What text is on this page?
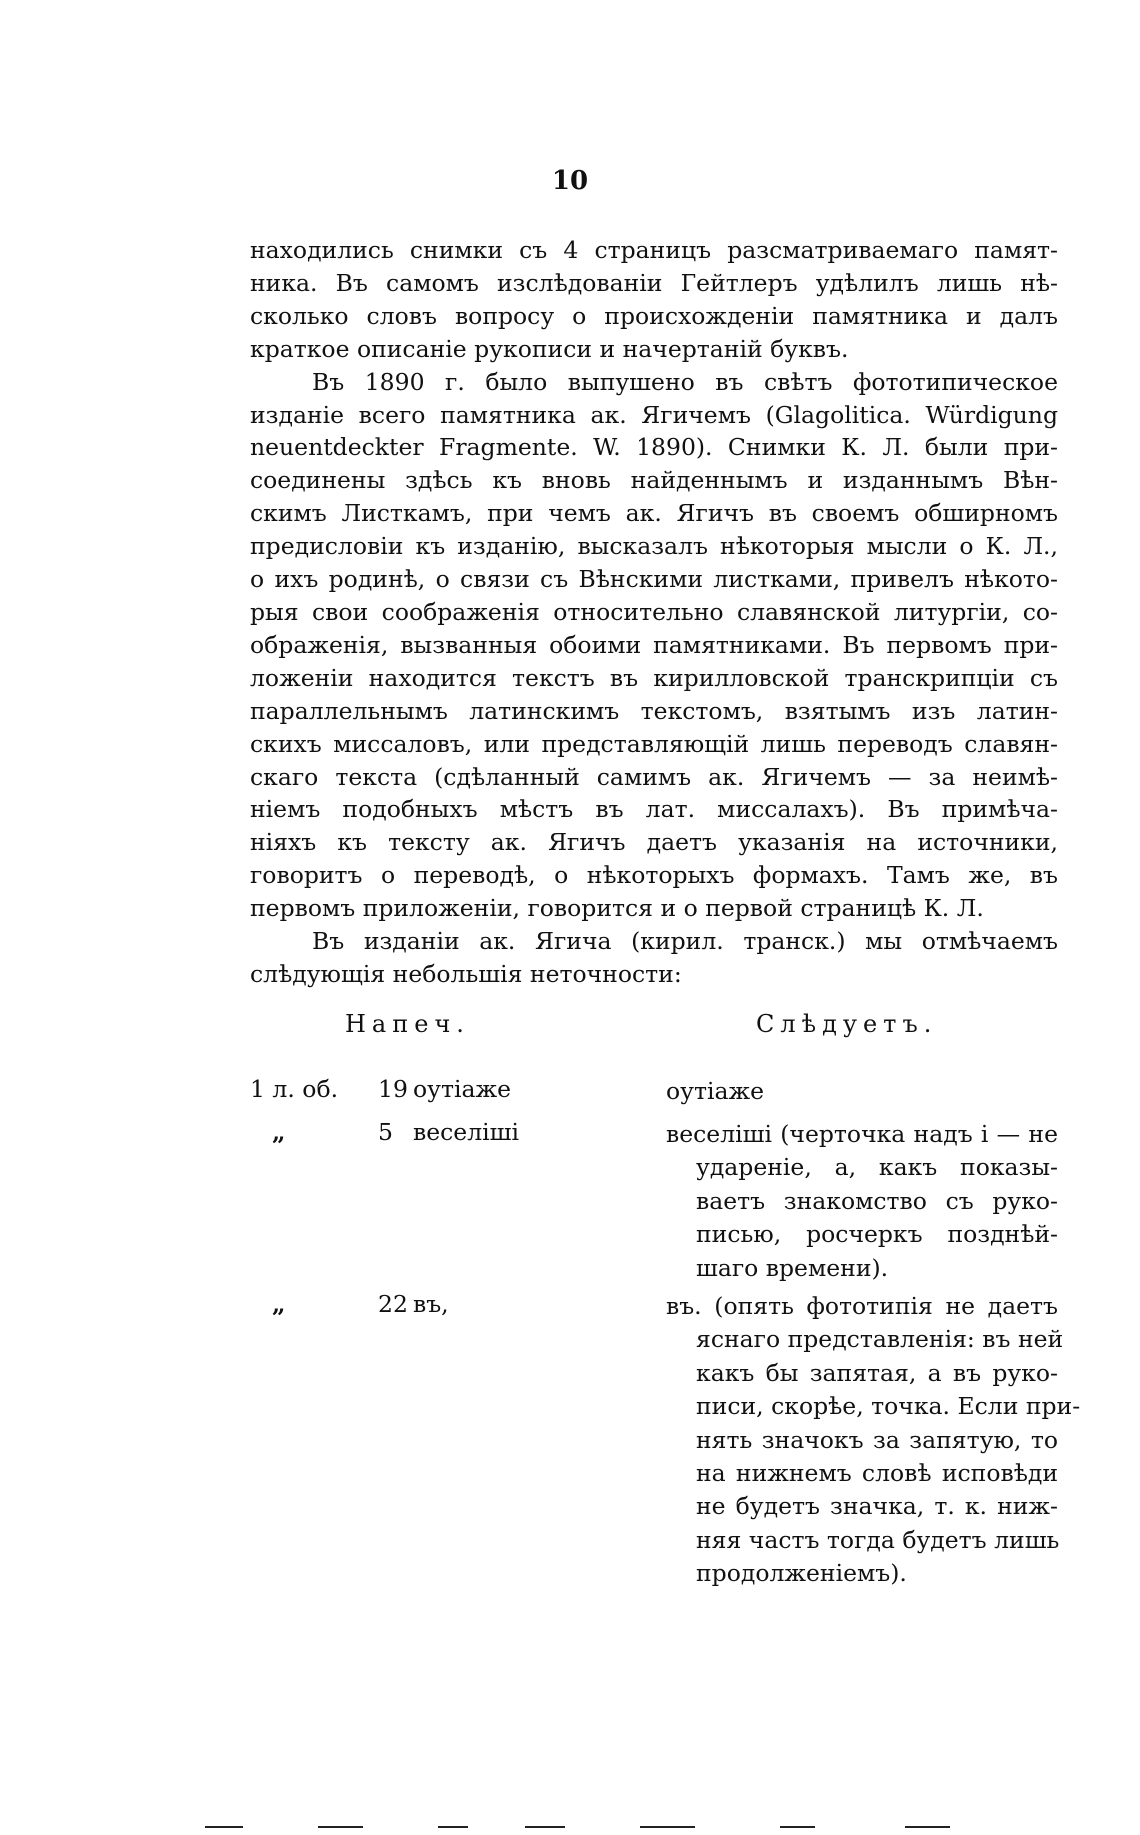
10
находились снимки съ 4 страницъ разсматриваемаго памят-
ника. Въ самомъ изслѣдованіи Гейтлеръ удѣлилъ лишь нѣ-
сколько словъ вопросу о происхожденіи памятника и далъ
краткое описаніе рукописи и начертаній буквъ.
Въ 1890 г. было выпушено въ свѣтъ фототипическое
изданіе всего памятника ак. Ягичемъ (Glagolitica. Würdigung
neuentdeckter Fragmente. W. 1890). Снимки К. Л. были при-
соединены здѣсь къ вновь найденнымъ и изданнымъ Вѣн-
скимъ Листкамъ, при чемъ ак. Ягичъ въ своемъ обширномъ
предисловіи къ изданію, высказалъ нѣкоторыя мысли о К. Л.,
о ихъ родинѣ, о связи съ Вѣнскими листками, привелъ нѣкото-
рыя свои соображенія относительно славянской литургіи, со-
ображенія, вызванныя обоими памятниками. Въ первомъ при-
ложеніи находится текстъ въ кирилловской транскрипціи съ
параллельнымъ латинскимъ текстомъ, взятымъ изъ латин-
скихъ миссаловъ, или представляющій лишь переводъ славян-
скаго текста (сдѣланный самимъ ак. Ягичемъ — за неимѣ-
ніемъ подобныхъ мѣстъ въ лат. миссалахъ). Въ примѣча-
ніяхъ къ тексту ак. Ягичъ даетъ указанія на источники,
говоритъ о переводѣ, о нѣкоторыхъ формахъ. Тамъ же, въ
первомъ приложеніи, говорится и о первой страницѣ К. Л.
Въ изданіи ак. Ягича (кирил. транск.) мы отмѣчаемъ
слѣдующія небольшія неточности:
Напеч.	Слѣдуетъ.
1 л. об. 19 оутіаже	оутіаже
„	5 веселіші	веселіші (черточка надъ і — не
удареніе, а, какъ показы-
ваетъ знакомство съ руко-
писью, росчеркъ позднѣй-
шаго времени).
„	22 въ,	въ. (опять фототипія не даетъ
яснаго представленія: въ ней
какъ бы запятая, а въ руко-
писи, скорѣе, точка. Если при-
нять значокъ за запятую, то
на нижнемъ словѣ исповѣди
не будетъ значка, т. к. ниж-
няя частъ тогда будетъ лишь
продолженіемъ).
